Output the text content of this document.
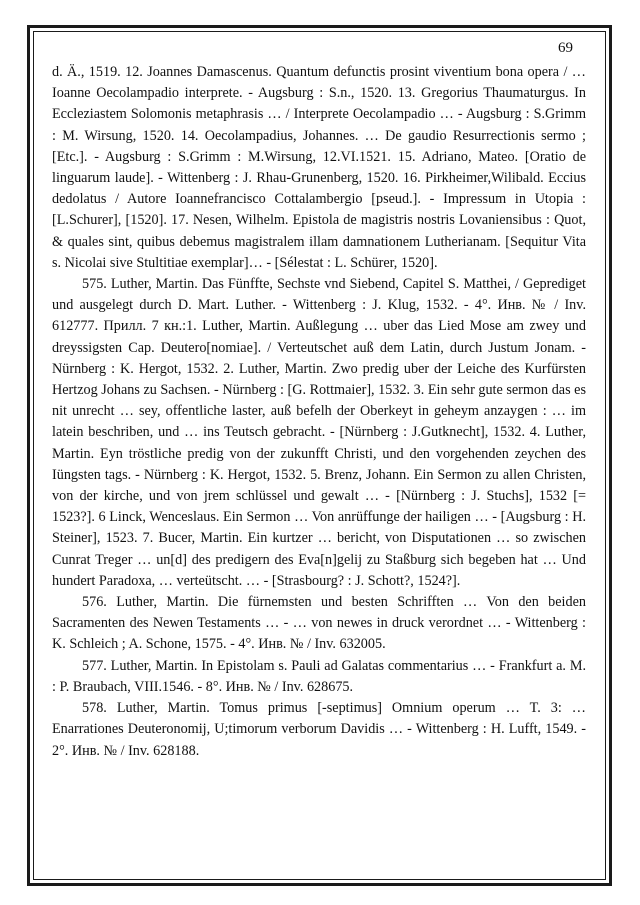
69

d. Ä., 1519. 12. Joannes Damascenus. Quantum defunctis prosint viventium bona opera / … Ioanne Oecolampadio interprete. - Augsburg : S.n., 1520. 13. Gregorius Thaumaturgus. In Eccleziastem Solomonis metaphrasis … / Interprete Oecolampadio … - Augsburg : S.Grimm : M. Wirsung, 1520. 14. Oecolampadius, Johannes. … De gaudio Resurrectionis sermo ; [Etc.]. - Augsburg : S.Grimm : M.Wirsung, 12.VI.1521. 15. Adriano, Mateo. [Oratio de linguarum laude]. - Wittenberg : J. Rhau-Grunenberg, 1520. 16. Pirkheimer,Wilibald. Eccius dedolatus / Autore Ioannefrancisco Cottalambergio [pseud.]. - Impressum in Utopia : [L.Schurer], [1520]. 17. Nesen, Wilhelm. Epistola de magistris nostris Lovaniensibus : Quot, & quales sint, quibus debemus magistralem illam damnationem Lutherianam. [Sequitur Vita s. Nicolai sive Stultitiae exemplar]… - [Sélestat : L. Schürer, 1520].

575. Luther, Martin. Das Fünffte, Sechste vnd Siebend, Capitel S. Matthei, / Geprediget und ausgelegt durch D. Mart. Luther. - Wittenberg : J. Klug, 1532. - 4°. Инв. № / Inv. 612777. Прилл. 7 кн.:1. Luther, Martin. Außlegung … uber das Lied Mose am zwey und dreyssigsten Cap. Deutero[nomiae]. / Verteutschet auß dem Latin, durch Justum Jonam. - Nürnberg : K. Hergot, 1532. 2. Luther, Martin. Zwo predig uber der Leiche des Kurfürsten Hertzog Johans zu Sachsen. - Nürnberg : [G. Rottmaier], 1532. 3. Ein sehr gute sermon das es nit unrecht … sey, offentliche laster, auß befelh der Oberkeyt in geheym anzaygen : … im latein beschriben, und … ins Teutsch gebracht. - [Nürnberg : J.Gutknecht], 1532. 4. Luther, Martin. Eyn tröstliche predig von der zukunfft Christi, und den vorgehenden zeychen des Iüngsten tags. - Nürnberg : K. Hergot, 1532. 5. Brenz, Johann. Ein Sermon zu allen Christen, von der kirche, und von jrem schlüssel und gewalt … - [Nürnberg : J. Stuchs], 1532 [= 1523?]. 6 Linck, Wenceslaus. Ein Sermon … Von anrüffunge der hailigen … - [Augsburg : H. Steiner], 1523. 7. Bucer, Martin. Ein kurtzer … bericht, von Disputationen … so zwischen Cunrat Treger … un[d] des predigern des Eva[n]gelij zu Staßburg sich begeben hat … Und hundert Paradoxa, … verteütscht. … - [Strasbourg? : J. Schott?, 1524?].

576. Luther, Martin. Die fürnemsten und besten Schrifften … Von den beiden Sacramenten des Newen Testaments … - … von newes in druck verordnet … - Wittenberg : K. Schleich ; A. Schone, 1575. - 4°. Инв. № / Inv. 632005.

577. Luther, Martin. In Epistolam s. Pauli ad Galatas commentarius … - Frankfurt a. M. : P. Braubach, VIII.1546. - 8°. Инв. № / Inv. 628675.

578. Luther, Martin. Tomus primus [-septimus] Omnium operum … T. 3: … Enarrationes Deuteronomij, U;timorum verborum Davidis … - Wittenberg : H. Lufft, 1549. - 2°. Инв. № / Inv. 628188.
